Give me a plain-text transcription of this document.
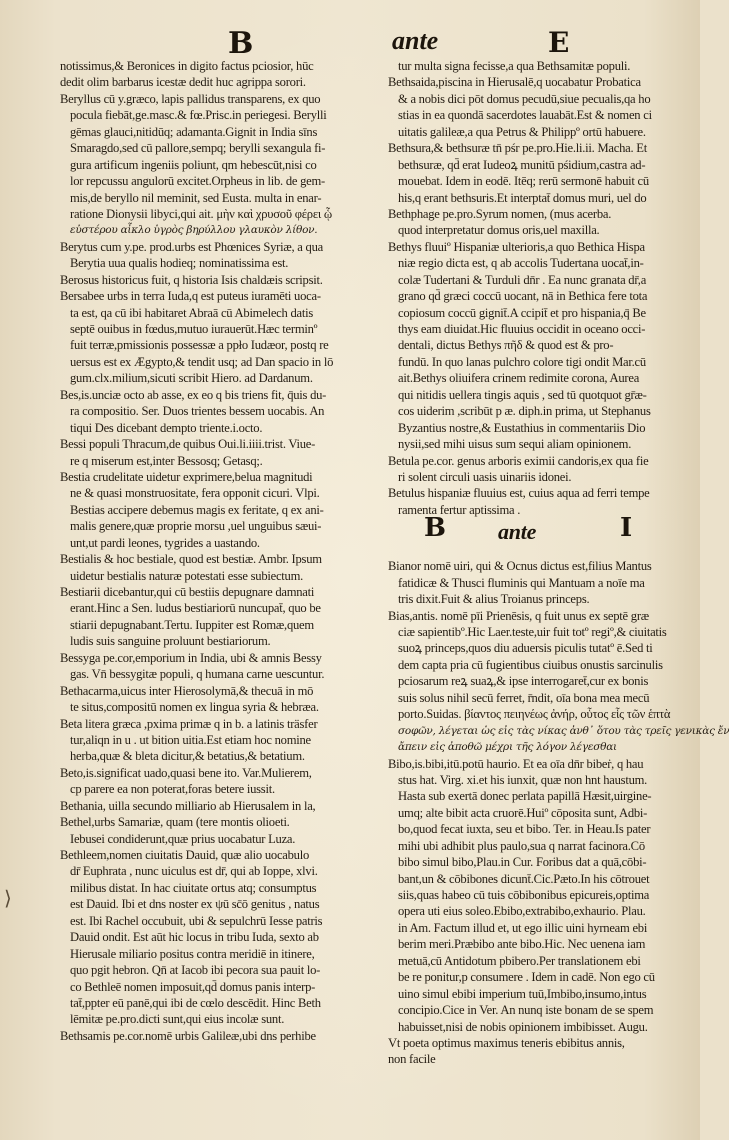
B	ante	E
⟩
notissimus,& Beronices in digito factus pciosior, hūc
dedit olim barbarus icestæ dedit huc agrippa sorori.
Beryllus cū y.græco, lapis pallidus transparens, ex quo
pocula fiebāt,ge.masc.& fœ.Prisc.in periegesi. Berylli
gēmas glauci,nitidūq; adamanta.Gignit in India sīns
Smaragdo,sed cū pallore,sempq; berylli sexangula fi-
gura artificum ingeniis poliunt, qm hebescūt,nisi co
lor repcussu angulorū excitet.Orpheus in lib. de gem-
mis,de beryllo nil meminit, sed Eusta. multa in enar-
ratione Dionysii libyci,qui ait. μὴν καὶ χρυσοῦ φέρει ᾧ
εὐστέρου αἶκλο ὑγρὸς βηρύλλου γλαυκὸν λίθον.
Berytus cum y.pe. prod.urbs est Phœnices Syriæ, a qua
Berytia uua qualis hodieq; nominatissima est.
Berosus historicus fuit, q historia Isis chaldæis scripsit.
Bersabee urbs in terra Iuda,q est puteus iuramēti uoca-
ta est, qa cū ibi habitaret Abraā cū Abimelech datis
septē ouibus in fœdus,mutuo iurauerūt.Hæc terminº
fuit terræ,pmissionis possessæ a ppło Iudæor, postq re
uersus est ex Ægypto,& tendit usq; ad Dan spacio in lō
gum.clx.milium,sicuti scribit Hiero. ad Dardanum.
Bes,is.unciæ octo ab asse, ex eo q bis triens fit, q̄uis du-
ra compositio. Ser. Duos trientes bessem uocabis. An
tiqui Des dicebant dempto triente.i.octo.
Bessi populi Thracum,de quibus Oui.li.iiii.trist. Viue-
re q miserum est,inter Bessosq; Getasq;.
Bestia crudelitate uidetur exprimere,belua magnitudi
ne & quasi monstruositate, fera opponit cicuri. Vlpi.
Bestias accipere debemus magis ex feritate, q ex ani-
malis genere,quæ proprie morsu ,uel unguibus sæui-
unt,ut pardi leones, tygrides a uastando.
Bestialis & hoc bestiale, quod est bestiæ. Ambr. Ipsum
uidetur bestialis naturæ potestati esse subiectum.
Bestiarii dicebantur,qui cū bestiis depugnare damnati
erant.Hinc a Sen. ludus bestiariorū nuncupat̄, quo be
stiarii depugnabant.Tertu. Iuppiter est Romæ,quem
ludis suis sanguine proluunt bestiariorum.
Bessyga pe.cor,emporium in India, ubi & amnis Bessy
gas. Vn̄ bessygitæ populi, q humana carne uescuntur.
Bethacarma,uicus inter Hierosolymā,& thecuā in mō
te situs,compositū nomen ex lingua syria & hebræa.
Beta litera græca ,pxima primæ q in b. a latinis träsfer
tur,aliqn in u . ut bition uitia.Est etiam hoc nomine
herba,quæ & bleta dicitur,& betatius,& betatium.
Beto,is.significat uado,quasi bene ito. Var.Mulierem,
cp parere ea non poterat,foras betere iussit.
Bethania, uilla secundo milliario ab Hierusalem in la,
Bethel,urbs Samariæ, quam (tere montis olioeti.
Iebusei condiderunt,quæ prius uocabatur Luza.
Bethleem,nomen ciuitatis Dauid, quæ alio uocabulo
dr̄ Euphrata , nunc uiculus est dr̄, qui ab Ioppe, xlvi.
milibus distat. In hac ciuitate ortus atq; consumptus
est Dauid. Ibi et dns noster ex ψū sc̄ō genitus , natus
est. Ibi Rachel occubuit, ubi & sepulchrū Iesse patris
Dauid ondit. Est aūt hic locus in tribu Iuda, sexto ab
Hierusale miliario positus contra meridiē in itinere,
quo pgit hebron. Qn̄ at Iacob ibi pecora sua pauit lo-
co Bethleē nomen imposuit,qd̄ domus panis interp-
tat̄,ppter eū panē,qui ibi de cœlo descēdit. Hinc Beth
lēmitæ pe.pro.dicti sunt,qui eius incolæ sunt.
Bethsamis pe.cor.nomē urbis Galileæ,ubi dns perhibe
tur multa signa fecisse,a qua Bethsamitæ populi.
Bethsaida,piscina in Hierusalē,q uocabatur Probatica
& a nobis dici pōt domus pecudū,siue pecualis,qa ho
stias in ea quondā sacerdotes lauabāt.Est & nomen ci
uitatis galileæ,a qua Petrus & Philippº ortū habuere.
Bethsura,& bethsuræ tn̄ pśr pe.pro.Hie.li.ii. Macha. Et
bethsuræ, qd̄ erat Iudeoꝝ munitū pśidium,castra ad-
mouebat. Idem in eodē. Itēq; rerū sermonē habuit cū
his,q erant bethsuris.Et interptat̄ domus muri, uel do
Bethphage pe.pro.Syrum nomen, (mus acerba.
quod interpretatur domus oris,uel maxilla.
Bethys fluuiº Hispaniæ ulterioris,a quo Bethica Hispa
niæ regio dicta est, q ab accolis Tudertana uocat̄,in-
colæ Tudertani & Turduli dn̄r . Ea nunc granata dr̄,a
grano qd̄ græci coccū uocant, nā in Bethica fere tota
copiosum coccū gignit̄.A ccipit̄ et pro hispania,q̄ Be
thys eam diuidat.Hic fluuius occidit in oceano occi-
dentali, dictus Bethys πῆδ & quod est & pro-
fundū. In quo lanas pulchro colore tigi ondit Mar.cū
ait.Bethys oliuifera crinem redimite corona, Aurea
qui nitidis uellera tingis aquis , sed tū quotquot gr̄æ-
cos uiderim ,scribūt p æ. diph.in prima, ut Stephanus
Byzantius nostre,& Eustathius in commentariis Dio
nysii,sed mihi uisus sum sequi aliam opinionem.
Betula pe.cor. genus arboris eximii candoris,ex qua fie
ri solent circuli uasis uinariis idonei.
Betulus hispaniæ fluuius est, cuius aqua ad ferri tempe
ramenta fertur aptissima .
B ante	I
Bianor nomē uiri, qui & Ocnus dictus est,filius Mantus
fatidicæ & Thusci fluminis qui Mantuam a noīe ma
tris dixit.Fuit & alius Troianus princeps.
Bias,antis. nomē pīi Prienēsis, q fuit unus ex septē græ
ciæ sapientibº.Hic Laer.teste,uir fuit totº regiº,& ciuitatis
suoꝝ princeps,quos diu aduersis piculis tutatº ē.Sed ti
dem capta pria cū fugientibus ciuibus onustis sarcinulis
pciosarum reꝝ suaꝝ,& ipse interrogaret̄,cur ex bonis
suis solus nihil secū ferret, r̄ndit, oīa bona mea mecū
porto.Suidas. βίαντος πειηνέως ἀνήρ, οὗτος εἷς τῶν ἑπτὰ
σοφῶν, λέγεται ὡς εἰς τὰς νίκας ἀνθ᾽ ὅτου τὰς τρεῖς γενικὰς ἔν
ἄπειν εἰς ἀποθῶ μέχρι τῆς λόγον λέγεσθαι
Bibo,is.bibi,itū.potū haurio. Et ea oīa dn̄r bibeṙ, q hau
stus hat. Virg. xi.et his iunxit, quæ non hnt haustum.
Hasta sub exertā donec perlata papillā Hæsit,uirgine-
umq; alte bibit acta cruorē.Huiº cōposita sunt, Adbi-
bo,quod fecat iuxta, seu et bibo. Ter. in Heau.Is pater
mihi ubi adhibit plus paulo,sua q narrat facinora.Cō
bibo simul bibo,Plau.in Cur. Foribus dat a quā,cōbi-
bant,un & cōbibones dicunt̄.Cic.Pæto.In his cōtrouet
siis,quas habeo cū tuis cōbibonibus epicureis,optima
opera uti eius soleo.Ebibo,extrabibo,exhaurio. Plau.
in Am. Factum illud et, ut ego illic uini hyrneam ebi
berim meri.Præbibo ante bibo.Hic. Nec uenena iam
metuā,cū Antidotum pbibero.Per translationem ebi
be re ponitur,p consumere . Idem in cadē. Non ego cū
uino simul ebibi imperium tuū,Imbibo,insumo,intus
concipio.Cice in Ver. An nunq iste bonam de se spem
habuisset,nisi de nobis opinionem imbibisset. Augu.
Vt poeta optimus maximus teneris ebibitus annis,
non facile
